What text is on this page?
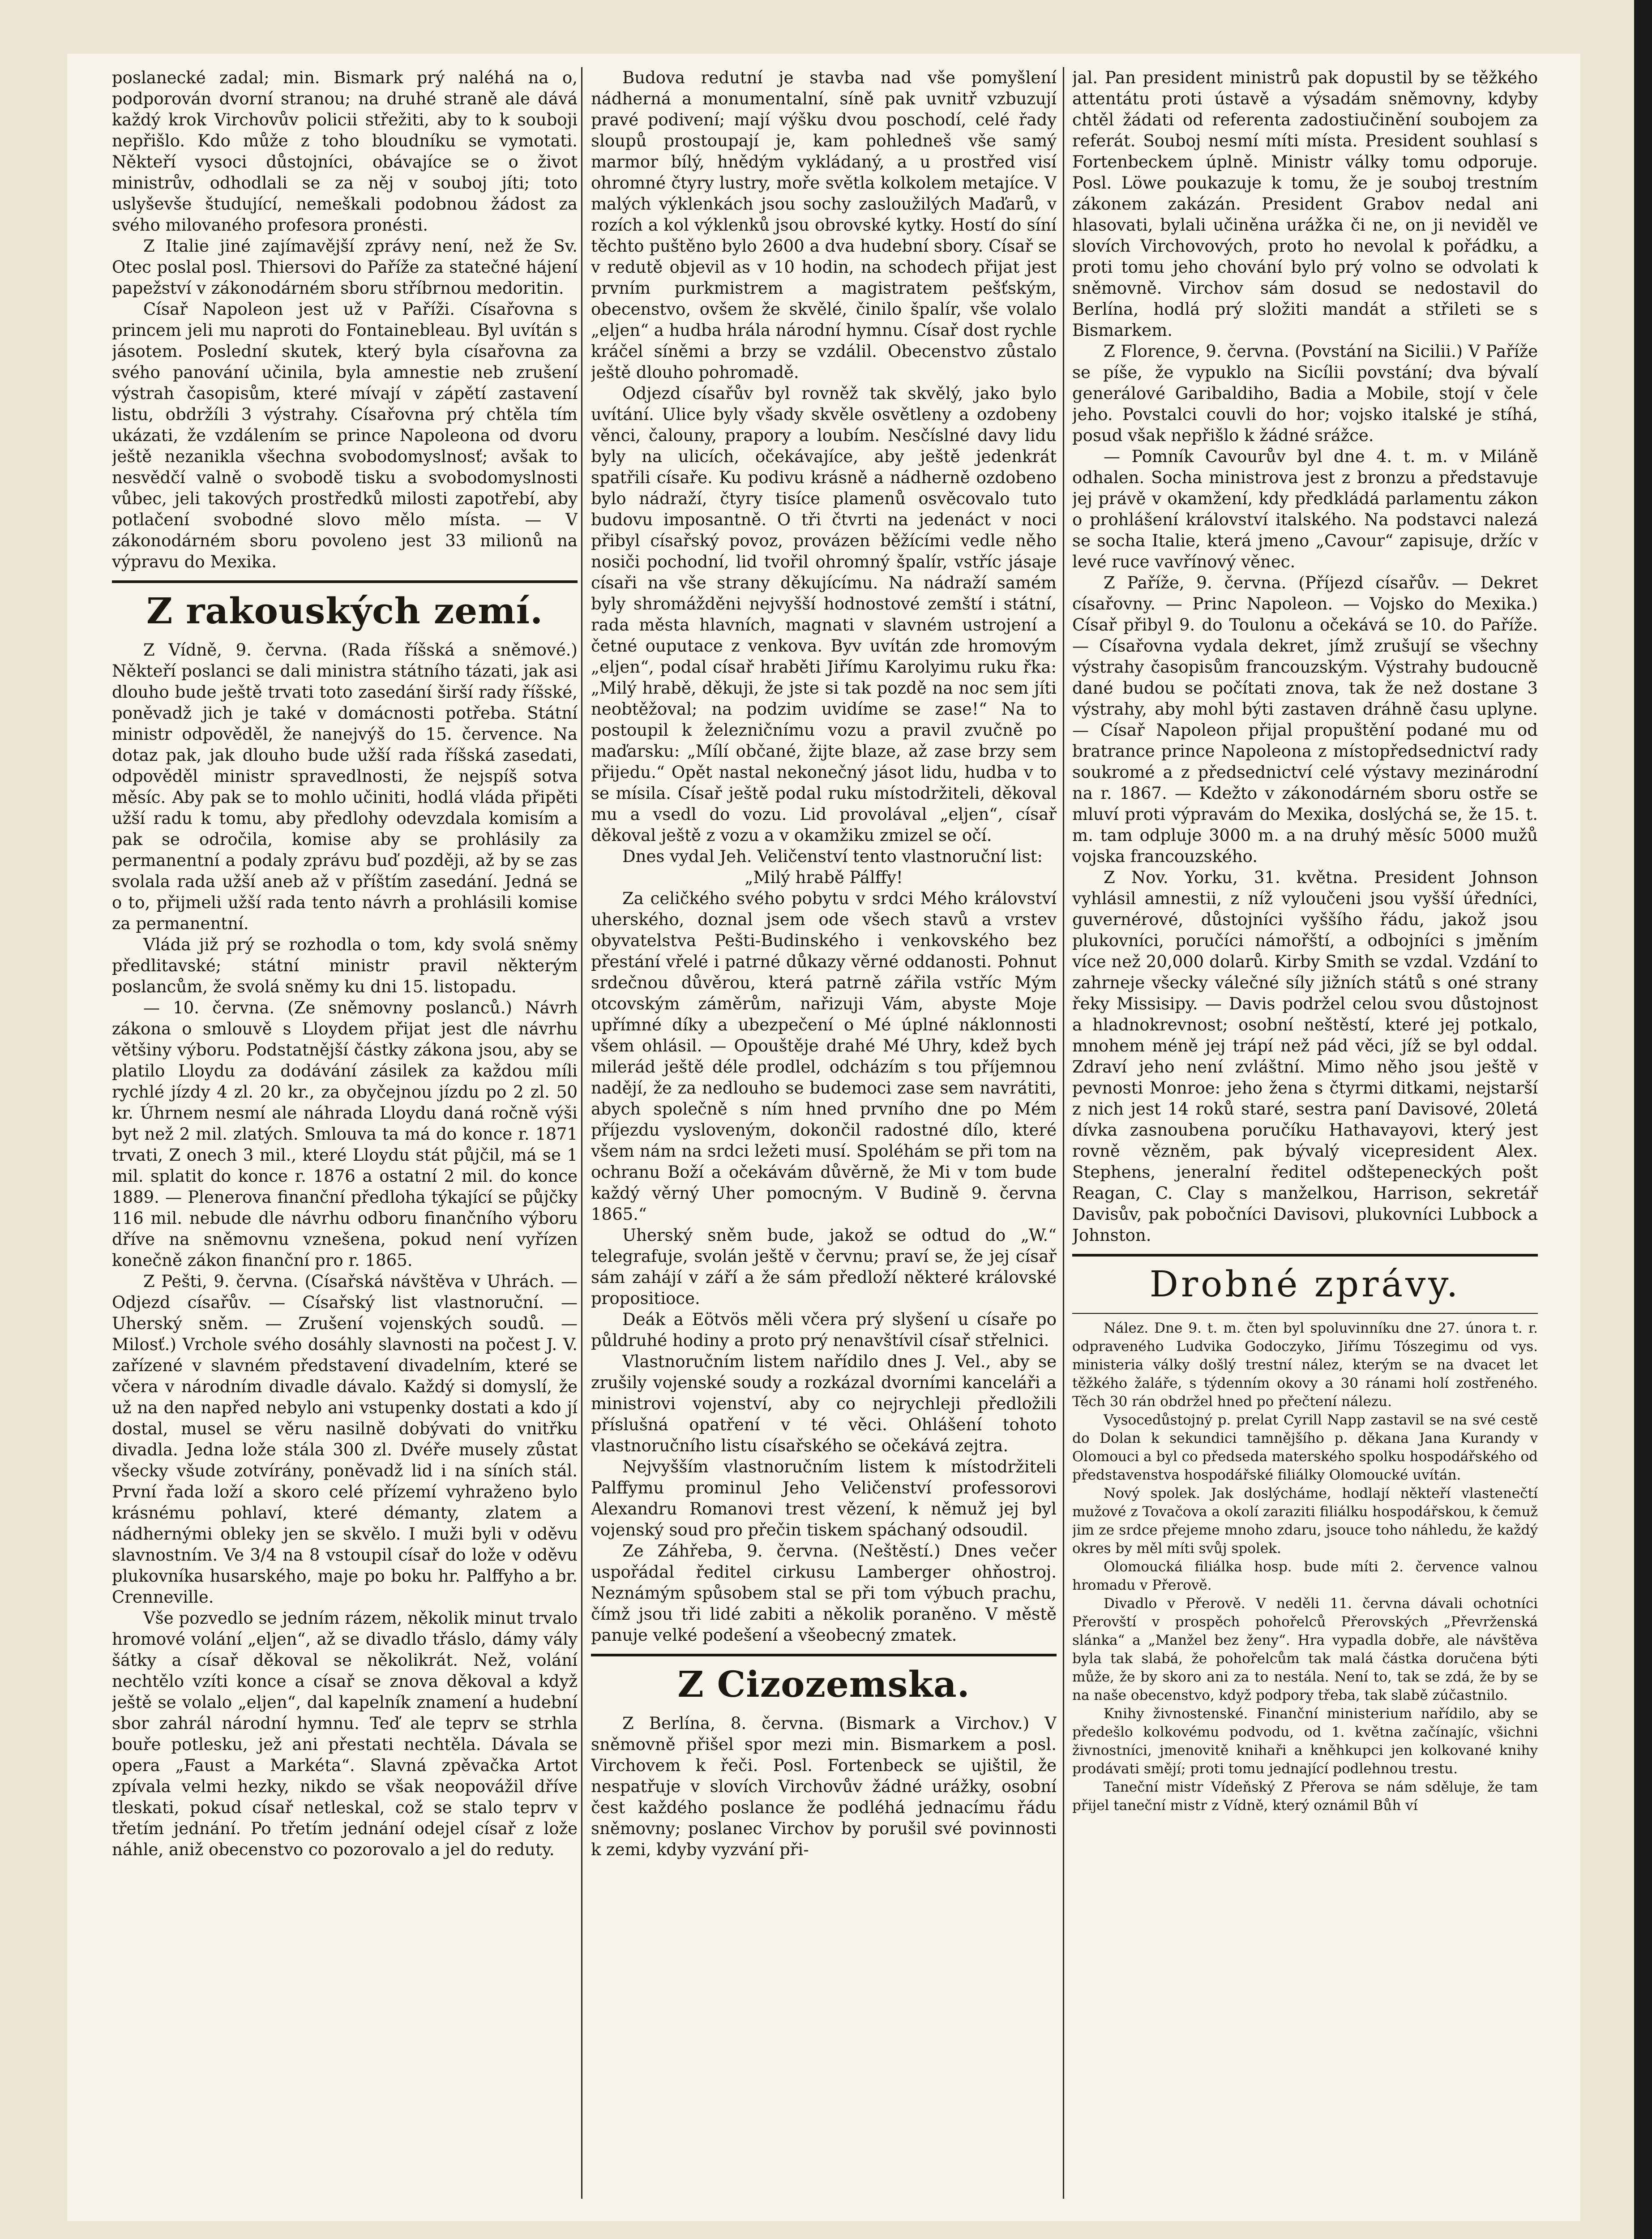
poslanecké zadal; min. Bismark prý naléhá na o, podporován dvorní stranou; na druhé straně ale dává každý krok Virchovův policii střežiti, aby to k souboji nepřišlo. Kdo může z toho bloudníku se vymotati. Někteří vysoci důstojníci, obávajíce se o život ministrův, odhodlali se za něj v souboj jíti; toto uslyševše študující, nemeškali podobnou žádost za svého milovaného profesora pronésti.

Z Italie jiné zajímavější zprávy není, než že Sv. Otec poslal posl. Thiersovi do Paříže za statečné hájení papežství v zákonodárném sboru stříbrnou medoritin.

Císař Napoleon jest už v Paříži. Císařovna s princem jeli mu naproti do Fontainebleau. Byl uvítán s jásotem. Poslední skutek, který byla císařovna za svého panování učinila, byla amnestie neb zrušení výstrah časopisům, které mívají v zápětí zastavení listu, obdržíli 3 výstrahy. Císařovna prý chtěla tím ukázati, že vzdálením se prince Napoleona od dvoru ještě nezanikla všechna svobodomyslnosť; avšak to nesvědčí valně o svobodě tisku a svobodomyslnosti vůbec, jeli takových prostředků milosti zapotřebí, aby potlačení svobodné slovo mělo místa. — V zákonodárném sboru povoleno jest 33 milionů na výpravu do Mexika.

Z rakouských zemí.

Z Vídně, 9. června. (Rada říšská a sněmové.) Někteří poslanci se dali ministra státního tázati, jak asi dlouho bude ještě trvati toto zasedání širší rady říšské, poněvadž jich je také v domácnosti potřeba. Státní ministr odpověděl, že nanejvýš do 15. července. Na dotaz pak, jak dlouho bude užší rada říšská zasedati, odpověděl ministr spravedlnosti, že nejspíš sotva měsíc. Aby pak se to mohlo učiniti, hodlá vláda připěti užší radu k tomu, aby předlohy odevzdala komisím a pak se odročila, komise aby se prohlásily za permanentní a podaly zprávu buď později, až by se zas svolala rada užší aneb až v příštím zasedání. Jedná se o to, přijmeli užší rada tento návrh a prohlásili komise za permanentní.

Vláda již prý se rozhodla o tom, kdy svolá sněmy předlitavské; státní ministr pravil některým poslancům, že svolá sněmy ku dni 15. listopadu.

— 10. června. (Ze sněmovny poslanců.) Návrh zákona o smlouvě s Lloydem přijat jest dle návrhu většiny výboru. Podstatnější částky zákona jsou, aby se platilo Lloydu za dodávání zásilek za každou míli rychlé jízdy 4 zl. 20 kr., za obyčejnou jízdu po 2 zl. 50 kr. Úhrnem nesmí ale náhrada Lloydu daná ročně výši byt než 2 mil. zlatých. Smlouva ta má do konce r. 1871 trvati, Z onech 3 mil., které Lloydu stát půjčil, má se 1 mil. splatit do konce r. 1876 a ostatní 2 mil. do konce 1889. — Plenerova finanční předloha týkající se půjčky 116 mil. nebude dle návrhu odboru finančního výboru dříve na sněmovnu vznešena, pokud není vyřízen konečně zákon finanční pro r. 1865.

Z Pešti, 9. června. (Císařská návštěva v Uhrách. — Odjezd císařův. — Císařský list vlastnoruční. — Uherský sněm. — Zrušení vojenských soudů. — Milosť.) Vrchole svého dosáhly slavnosti na počest J. V. zařízené v slavném představení divadelním, které se včera v národním divadle dávalo. Každý si domyslí, že už na den napřed nebylo ani vstupenky dostati a kdo jí dostal, musel se věru nasilně dobývati do vnitřku divadla. Jedna lože stála 300 zl. Dvéře musely zůstat všecky všude zotvírány, poněvadž lid i na síních stál. První řada loží a skoro celé přízemí vyhraženo bylo krásnému pohlaví, které démanty, zlatem a nádhernými obleky jen se skvělo. I muži byli v oděvu slavnostním. Ve 3/4 na 8 vstoupil císař do lože v oděvu plukovníka husarského, maje po boku hr. Palffyho a br. Crenneville.

Vše pozvedlo se jedním rázem, několik minut trvalo hromové volání „eljen“, až se divadlo třáslo, dámy vály šátky a císař děkoval se několikrát. Než, volání nechtělo vzíti konce a císař se znova děkoval a když ještě se volalo „eljen“, dal kapelník znamení a hudební sbor zahrál národní hymnu. Teď ale teprv se strhla bouře potlesku, jež ani přestati nechtěla. Dávala se opera „Faust a Markéta“. Slavná zpěvačka Artot zpívala velmi hezky, nikdo se však neopovážil dříve tleskati, pokud císař netleskal, což se stalo teprv v třetím jednání. Po třetím jednání odejel císař z lože náhle, aniž obecenstvo co pozorovalo a jel do reduty.

Budova redutní je stavba nad vše pomyšlení nádherná a monumentalní, síně pak uvnitř vzbuzují pravé podivení; mají výšku dvou poschodí, celé řady sloupů prostoupají je, kam pohledneš vše samý marmor bílý, hnědým vykládaný, a u prostřed visí ohromné čtyry lustry, moře světla kolkolem metajíce. V malých výklenkách jsou sochy zasloužilých Maďarů, v rozích a kol výklenků jsou obrovské kytky. Hostí do síní těchto puštěno bylo 2600 a dva hudební sbory. Císař se v redutě objevil as v 10 hodin, na schodech přijat jest prvním purkmistrem a magistratem pešťským, obecenstvo, ovšem že skvělé, činilo špalír, vše volalo „eljen“ a hudba hrála národní hymnu. Císař dost rychle kráčel síněmi a brzy se vzdálil. Obecenstvo zůstalo ještě dlouho pohromadě.

Odjezd císařův byl rovněž tak skvělý, jako bylo uvítání. Ulice byly všady skvěle osvětleny a ozdobeny věnci, čalouny, prapory a loubím. Nesčíslné davy lidu byly na ulicích, očekávajíce, aby ještě jedenkrát spatřili císaře. Ku podivu krásně a nádherně ozdobeno bylo nádraží, čtyry tisíce plamenů osvěcovalo tuto budovu imposantně. O tři čtvrti na jedenáct v noci přibyl císařský povoz, provázen běžícími vedle něho nosiči pochodní, lid tvořil ohromný špalír, vstříc jásaje císaři na vše strany děkujícímu. Na nádraží samém byly shromážděni nejvyšší hodnostové zemští i státní, rada města hlavních, magnati v slavném ustrojení a četné ouputace z venkova. Byv uvítán zde hromovým „eljen“, podal císař hraběti Jiřímu Karolyimu ruku řka: „Milý hrabě, děkuji, že jste si tak pozdě na noc sem jíti neobtěžoval; na podzim uvidíme se zase!“ Na to postoupil k železničnímu vozu a pravil zvučně po maďarsku: „Mílí občané, žijte blaze, až zase brzy sem přijedu.“ Opět nastal nekonečný jásot lidu, hudba v to se mísila. Císař ještě podal ruku místodržiteli, děkoval mu a vsedl do vozu. Lid provolával „eljen“, císař děkoval ještě z vozu a v okamžiku zmizel se očí.

Dnes vydal Jeh. Veličenství tento vlastnoruční list:

„Milý hrabě Pálffy!

Za celičkého svého pobytu v srdci Mého království uherského, doznal jsem ode všech stavů a vrstev obyvatelstva Pešti-Budinského i venkovského bez přestání vřelé i patrné důkazy věrné oddanosti. Pohnut srdečnou důvěrou, která patrně zářila vstříc Mým otcovským záměrům, nařizuji Vám, abyste Moje upřímné díky a ubezpečení o Mé úplné náklonnosti všem ohlásil. — Opouštěje drahé Mé Uhry, kdež bych milerád ještě déle prodlel, odcházím s tou příjemnou nadějí, že za nedlouho se budemoci zase sem navrátiti, abych společně s ním hned prvního dne po Mém příjezdu vysloveným, dokončil radostné dílo, které všem nám na srdci ležeti musí. Spoléhám se při tom na ochranu Boží a očekávám důvěrně, že Mi v tom bude každý věrný Uher pomocným. V Budině 9. června 1865.“

Uherský sněm bude, jakož se odtud do „W.“ telegrafuje, svolán ještě v červnu; praví se, že jej císař sám zahájí v září a že sám předloží některé královské propositioce.

Deák a Eötvös měli včera prý slyšení u císaře po půldruhé hodiny a proto prý nenavštívil císař střelnici.

Vlastnoručním listem nařídilo dnes J. Vel., aby se zrušily vojenské soudy a rozkázal dvorními kanceláři a ministrovi vojenství, aby co nejrychleji předložili příslušná opatření v té věci. Ohlášení tohoto vlastnoručního listu císařského se očekává zejtra.

Nejvyšším vlastnoručním listem k místodržiteli Palffymu prominul Jeho Veličenství professorovi Alexandru Romanovi trest vězení, k němuž jej byl vojenský soud pro přečin tiskem spáchaný odsoudil.

Ze Záhřeba, 9. června. (Neštěstí.) Dnes večer uspořádal ředitel cirkusu Lamberger ohňostroj. Neznámým spůsobem stal se při tom výbuch prachu, čímž jsou tři lidé zabiti a několik poraněno. V městě panuje velké podešení a všeobecný zmatek.

Z Cizozemska.

Z Berlína, 8. června. (Bismark a Virchov.) V sněmovně přišel spor mezi min. Bismarkem a posl. Virchovem k řeči. Posl. Fortenbeck se ujištil, že nespatřuje v slovích Virchovův žádné urážky, osobní čest každého poslance že podléhá jednacímu řádu sněmovny; poslanec Virchov by porušil své povinnosti k zemi, kdyby vyzvání při-

jal. Pan president ministrů pak dopustil by se těžkého attentátu proti ústavě a výsadám sněmovny, kdyby chtěl žádati od referenta zadostiučinění soubojem za referát. Souboj nesmí míti místa. President souhlasí s Fortenbeckem úplně. Ministr války tomu odporuje. Posl. Löwe poukazuje k tomu, že je souboj trestním zákonem zakázán. President Grabov nedal ani hlasovati, bylali učiněna urážka či ne, on ji neviděl ve slovích Virchovových, proto ho nevolal k pořádku, a proti tomu jeho chování bylo prý volno se odvolati k sněmovně. Virchov sám dosud se nedostavil do Berlína, hodlá prý složiti mandát a střileti se s Bismarkem.

Z Florence, 9. června. (Povstání na Sicilii.) V Paříže se píše, že vypuklo na Sicílii povstání; dva bývalí generálové Garibaldiho, Badia a Mobile, stojí v čele jeho. Povstalci couvli do hor; vojsko italské je stíhá, posud však nepřišlo k žádné srážce.

— Pomník Cavourův byl dne 4. t. m. v Miláně odhalen. Socha ministrova jest z bronzu a představuje jej právě v okamžení, kdy předkládá parlamentu zákon o prohlášení království italského. Na podstavci nalezá se socha Italie, která jmeno „Cavour“ zapisuje, držíc v levé ruce vavřínový věnec.

Z Paříže, 9. června. (Příjezd císařův. — Dekret císařovny. — Princ Napoleon. — Vojsko do Mexika.) Císař přibyl 9. do Toulonu a očekává se 10. do Paříže. — Císařovna vydala dekret, jímž zrušují se všechny výstrahy časopisům francouzským. Výstrahy budoucně dané budou se počítati znova, tak že než dostane 3 výstrahy, aby mohl býti zastaven dráhně času uplyne. — Císař Napoleon přijal propuštění podané mu od bratrance prince Napoleona z místopředsednictví rady soukromé a z předsednictví celé výstavy mezinárodní na r. 1867. — Kdežto v zákonodárném sboru ostře se mluví proti výpravám do Mexika, doslýchá se, že 15. t. m. tam odpluje 3000 m. a na druhý měsíc 5000 mužů vojska francouzského.

Z Nov. Yorku, 31. května. President Johnson vyhlásil amnestii, z níž vyloučeni jsou vyšší úředníci, guvernérové, důstojníci vyššího řádu, jakož jsou plukovníci, poručíci námořští, a odbojníci s jměním více než 20,000 dolarů. Kirby Smith se vzdal. Vzdání to zahrneje všecky válečné síly jižních států s oné strany řeky Missisipy. — Davis podržel celou svou důstojnost a hladnokrevnost; osobní neštěstí, které jej potkalo, mnohem méně jej trápí než pád věci, jíž se byl oddal. Zdraví jeho není zvláštní. Mimo něho jsou ještě v pevnosti Monroe: jeho žena s čtyrmi ditkami, nejstarší z nich jest 14 roků staré, sestra paní Davisové, 20letá dívka zasnoubena poručíku Hathavayovi, který jest rovně vězněm, pak bývalý vicepresident Alex. Stephens, jeneralní ředitel odštepeneckých pošt Reagan, C. Clay s manželkou, Harrison, sekretář Davisův, pak pobočníci Davisovi, plukovníci Lubbock a Johnston.

Drobné zprávy.

Nález. Dne 9. t. m. čten byl spoluvinníku dne 27. února t. r. odpraveného Ludvika Godoczyko, Jiřímu Tószegimu od vys. ministeria války došlý trestní nález, kterým se na dvacet let těžkého žaláře, s týdenním okovy a 30 ránami holí zostřeného. Těch 30 rán obdržel hned po přečtení nálezu.

Vysocedůstojný p. prelat Cyrill Napp zastavil se na své cestě do Dolan k sekundici tamnějšího p. děkana Jana Kurandy v Olomouci a byl co předseda materského spolku hospodářského od představenstva hospodářské filiálky Olomoucké uvítán.

Nový spolek. Jak doslýcháme, hodlají někteří vlastenečtí mužové z Tovačova a okolí zaraziti filiálku hospodářskou, k čemuž jim ze srdce přejeme mnoho zdaru, jsouce toho náhledu, že každý okres by měl míti svůj spolek.

Olomoucká filiálka hosp. bude míti 2. července valnou hromadu v Přerově.

Divadlo v Přerově. V neděli 11. června dávali ochotníci Přerovští v prospěch pohořelců Přerovských „Převrženská slánka“ a „Manžel bez ženy“. Hra vypadla dobře, ale návštěva byla tak slabá, že pohořelcům tak malá částka doručena býti může, že by skoro ani za to nestála. Není to, tak se zdá, že by se na naše obecenstvo, když podpory třeba, tak slabě zúčastnilo.

Knihy živnostenské. Finanční ministerium nařídilo, aby se předešlo kolkovému podvodu, od 1. května začínajíc, všichni živnostníci, jmenovitě knihaři a kněhkupci jen kolkované knihy prodávati smějí; proti tomu jednající podlehnou trestu.

Taneční mistr Vídeňský Z Přerova se nám sděluje, že tam přijel taneční mistr z Vídně, který oznámil Bůh ví
